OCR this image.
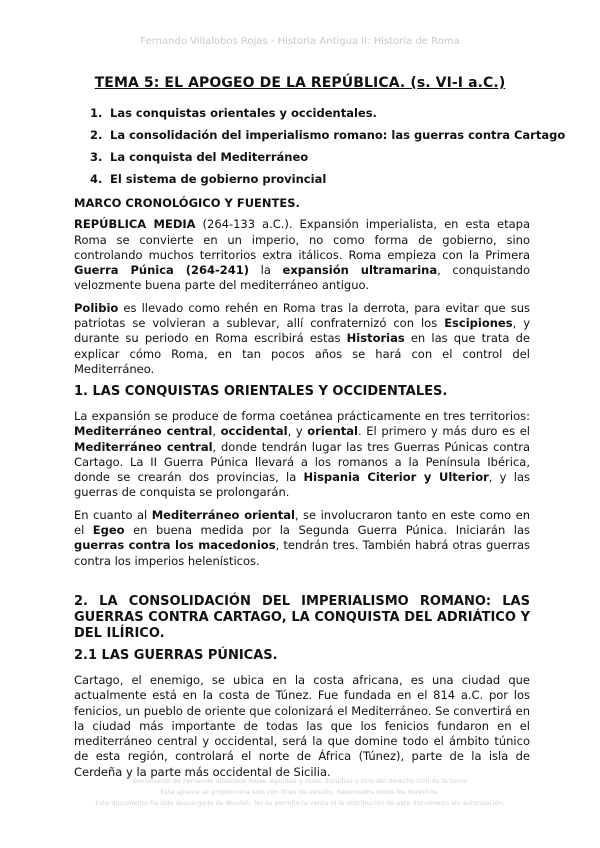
Fernando Villalobos Rojas - Historia Antigua II: Historia de Roma
TEMA 5: EL APOGEO DE LA REPÚBLICA. (s. VI-I a.C.)
1. Las conquistas orientales y occidentales.
2. La consolidación del imperialismo romano: las guerras contra Cartago
3. La conquista del Mediterráneo
4. El sistema de gobierno provincial
MARCO CRONOLÓGICO Y FUENTES.

REPÚBLICA MEDIA (264-133 a.C.). Expansión imperialista, en esta etapa Roma se convierte en un imperio, no como forma de gobierno, sino controlando muchos territorios extra itálicos. Roma empieza con la Primera Guerra Púnica (264-241) la expansión ultramarina, conquistando velozmente buena parte del mediterráneo antiguo.

Polibio es llevado como rehén en Roma tras la derrota, para evitar que sus patriotas se volvieran a sublevar, allí confraternizó con los Escipiones, y durante su periodo en Roma escribirá estas Historias en las que trata de explicar cómo Roma, en tan pocos años se hará con el control del Mediterráneo.

1. LAS CONQUISTAS ORIENTALES Y OCCIDENTALES.

La expansión se produce de forma coetánea prácticamente en tres territorios: Mediterráneo central, occidental, y oriental. El primero y más duro es el Mediterráneo central, donde tendrán lugar las tres Guerras Púnicas contra Cartago. La II Guerra Púnica llevará a los romanos a la Península Ibérica, donde se crearán dos provincias, la Hispania Citerior y Ulterior, y las guerras de conquista se prolongarán.

En cuanto al Mediterráneo oriental, se involucraron tanto en este como en el Egeo en buena medida por la Segunda Guerra Púnica. Iniciarán las guerras contra los macedonios, tendrán tres. También habrá otras guerras contra los imperios helenísticos.

2. LA CONSOLIDACIÓN DEL IMPERIALISMO ROMANO: LAS GUERRAS CONTRA CARTAGO, LA CONQUISTA DEL ADRIÁTICO Y DEL ILÍRICO.
2.1 LAS GUERRAS PÚNICAS.

Cartago, el enemigo, se ubica en la costa africana, es una ciudad que actualmente está en la costa de Túnez. Fue fundada en el 814 a.C. por los fenicios, un pueblo de oriente que colonizará el Mediterráneo. Se convertirá en la ciudad más importante de todas las que los fenicios fundaron en el mediterráneo central y occidental, será la que domine todo el ámbito túnico de esta región, controlará el norte de África (Túnez), parte de la isla de Cerdeña y la parte más occidental de Sicilia.

Documento de Fernando Villalobos Rojas. Apuntes y otros. Estudios y ocio del derecho civil de la tierra
Este apunte se proporciona solo con fines de estudio. Reservados todos los derechos.
Este documento ha sido descargado de Wuolah. No se permite la venta ni la distribución de este documento sin autorización.
